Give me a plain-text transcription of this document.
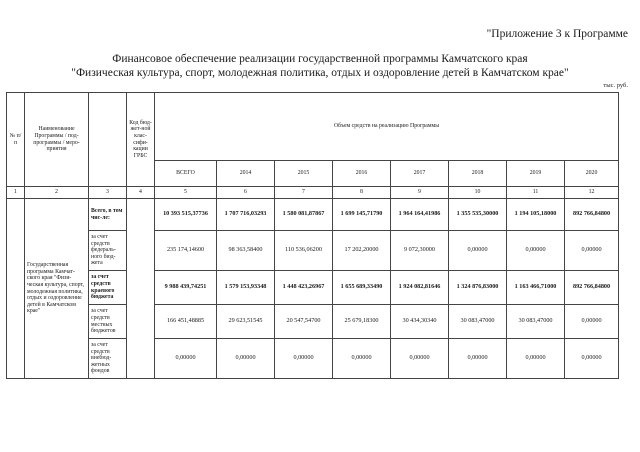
"Приложение 3 к Программе
Финансовое обеспечение реализации государственной программы Камчатского края
"Физическая культура, спорт, молодежная политика, отдых и оздоровление детей в Камчатском крае"
тыс. руб.
№ п/п	Наименование Программы / под-программы / меро-приятия		Код бюд-жет-ной клас-сифи-кации ГРБС	Объем средств на реализацию Программы							
				ВСЕГО	2014	2015	2016	2017	2018	2019	2020
1	2	3	4	5	6	7	8	9	10	11	12
	Государственная программа Камчат-ского края "Физи-ческая культура, спорт, молодежная политика, отдых и оздоровление детей в Камчатском крае"	Всего, в том чис-ле:		10 393 515,37736	1 707 716,03293	1 580 081,87867	1 699 145,71790	1 964 164,41986	1 355 535,30000	1 194 105,18000	892 766,84800
		за счет средств федераль-ного бюд-жета		235 174,14600	98 363,58400	110 536,06200	17 202,20000	9 072,30000	0,00000	0,00000	0,00000
		за счет средств краевого бюджета		9 988 439,74251	1 579 153,93348	1 448 423,26967	1 655 689,33490	1 924 082,81646	1 324 876,83000	1 163 466,71000	892 766,84800
		за счет средств местных бюджетов		166 451,48885	29 623,51545	20 547,54700	25 679,18300	30 434,30340	30 083,47000	30 083,47000	0,00000
		за счет средств внебюд-жетных фондов		0,00000	0,00000	0,00000	0,00000	0,00000	0,00000	0,00000	0,00000
